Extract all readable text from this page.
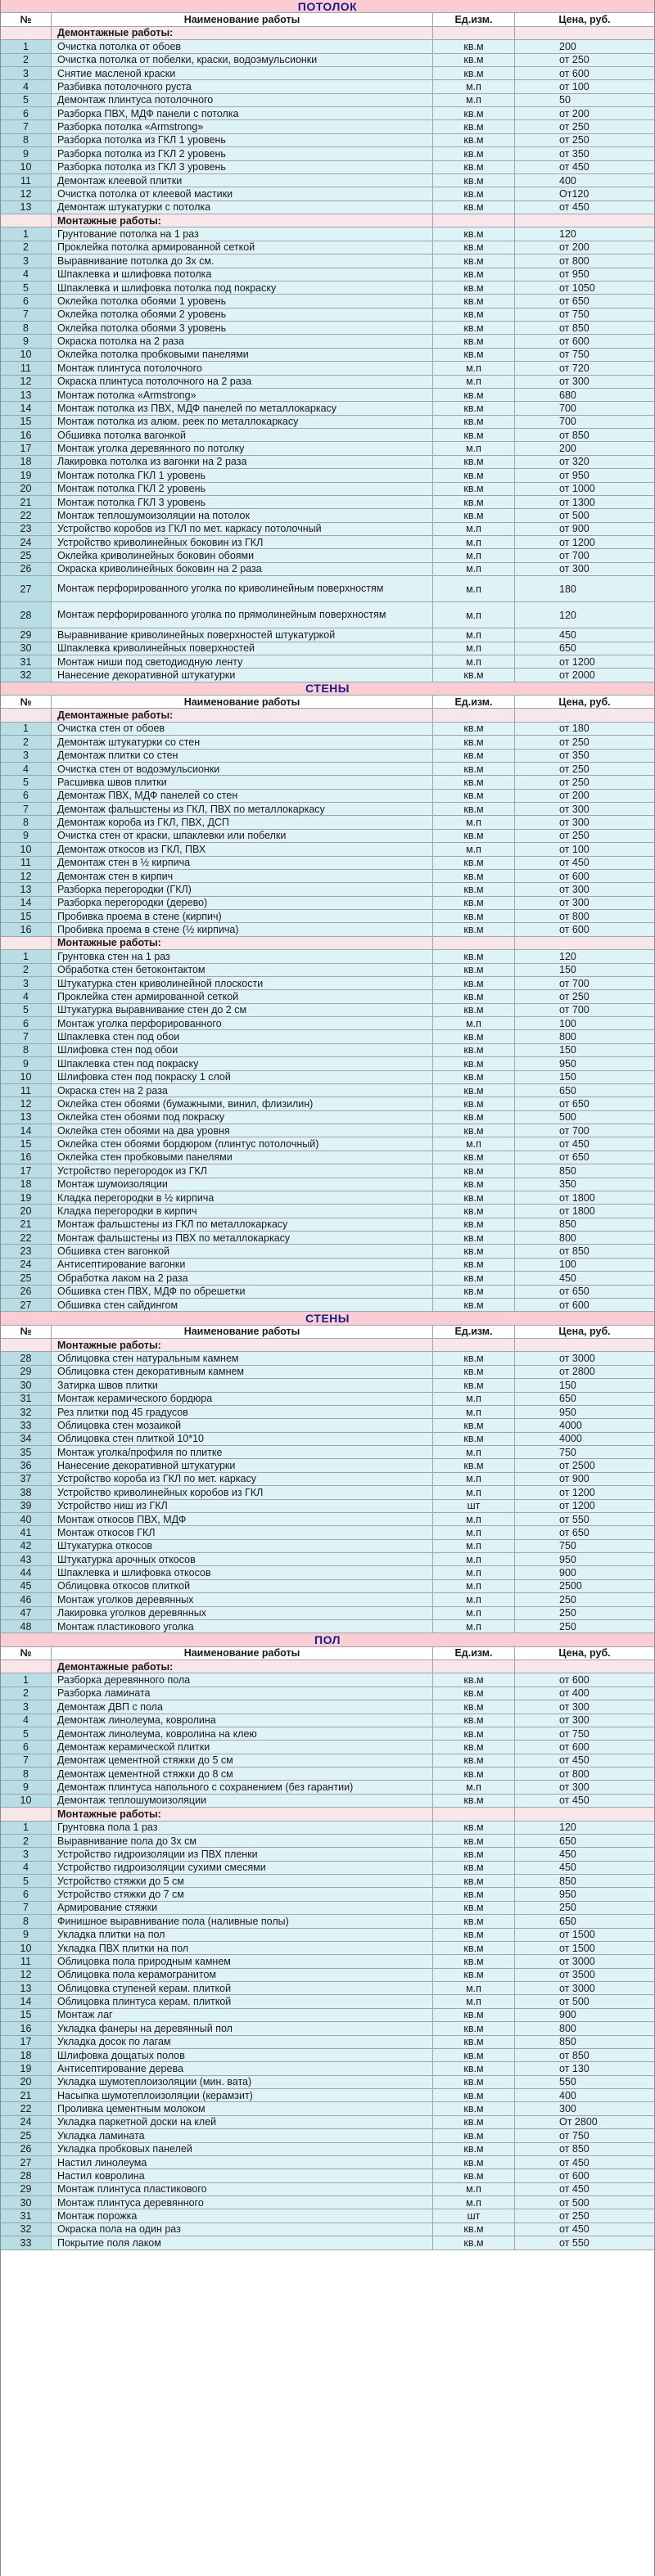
ПОТОЛОК
№	Наименование работы	Ед.изм.	Цена, руб.
Демонтажные работы:
1	Очистка потолка от обоев	кв.м	200
2	Очистка потолка от побелки, краски, водоэмульсионки	кв.м	от 250
3	Снятие масленой краски	кв.м	от 600
4	Разбивка потолочного руста	м.п	от 100
5	Демонтаж плинтуса потолочного	м.п	50
6	Разборка ПВХ, МДФ панели с потолка	кв.м	от 200
7	Разборка потолка «Armstrong»	кв.м	от 250
8	Разборка потолка из ГКЛ 1 уровень	кв.м	от 250
9	Разборка потолка из ГКЛ 2 уровень	кв.м	от 350
10	Разборка потолка из ГКЛ 3 уровень	кв.м	от 450
11	Демонтаж клеевой плитки	кв.м	400
12	Очистка потолка от клеевой мастики	кв.м	От120
13	Демонтаж штукатурки с потолка	кв.м	от 450
Монтажные работы:
1	Грунтование потолка на 1 раз	кв.м	120
2	Проклейка потолка армированной сеткой	кв.м	от 200
3	Выравнивание потолка до 3х см.	кв.м	от 800
4	Шпаклевка и шлифовка потолка	кв.м	от 950
5	Шпаклевка и шлифовка потолка под покраску	кв.м	от 1050
6	Оклейка потолка обоями 1 уровень	кв.м	от 650
7	Оклейка потолка обоями 2 уровень	кв.м	от 750
8	Оклейка потолка обоями 3 уровень	кв.м	от 850
9	Окраска потолка на 2 раза	кв.м	от 600
10	Оклейка потолка пробковыми панелями	кв.м	от 750
11	Монтаж плинтуса потолочного	м.п	от 720
12	Окраска плинтуса потолочного на 2 раза	м.п	от 300
13	Монтаж потолка «Armstrong»	кв.м	680
14	Монтаж потолка из ПВХ, МДФ панелей по металлокаркасу	кв.м	700
15	Монтаж потолка из алюм. реек по металлокаркасу	кв.м	700
16	Обшивка потолка вагонкой	кв.м	от 850
17	Монтаж уголка деревянного по потолку	м.п	200
18	Лакировка потолка из вагонки на 2 раза	кв.м	от 320
19	Монтаж потолка ГКЛ 1 уровень	кв.м	от 950
20	Монтаж потолка ГКЛ 2 уровень	кв.м	от 1000
21	Монтаж потолка ГКЛ 3 уровень	кв.м	от 1300
22	Монтаж теплошумоизоляции на потолок	кв.м	от 500
23	Устройство коробов из ГКЛ по мет. каркасу потолочный	м.п	от 900
24	Устройство криволинейных боковин из ГКЛ	м.п	от 1200
25	Оклейка криволинейных боковин обоями	м.п	от 700
26	Окраска криволинейных боковин на 2 раза	м.п	от 300
27	Монтаж перфорированного уголка по криволинейным поверхностям	м.п	180
28	Монтаж перфорированного уголка по прямолинейным поверхностям	м.п	120
29	Выравнивание криволинейных поверхностей штукатуркой	м.п	450
30	Шпаклевка криволинейных поверхностей	м.п	650
31	Монтаж ниши под светодиодную ленту	м.п	от 1200
32	Нанесение декоративной штукатурки	кв.м	от 2000
СТЕНЫ
№	Наименование работы	Ед.изм.	Цена, руб.
Демонтажные работы:
1	Очистка стен от обоев	кв.м	от 180
2	Демонтаж штукатурки со стен	кв.м	от 250
3	Демонтаж плитки со стен	кв.м	от 350
4	Очистка стен от водоэмульсионки	кв.м	от 250
5	Расшивка швов плитки	кв.м	от 250
6	Демонтаж ПВХ, МДФ панелей со стен	кв.м	от 200
7	Демонтаж фальшстены из ГКЛ, ПВХ по металлокаркасу	кв.м	от 300
8	Демонтаж короба из ГКЛ, ПВХ, ДСП	м.п	от 300
9	Очистка стен от краски, шпаклевки или побелки	кв.м	от 250
10	Демонтаж откосов из ГКЛ, ПВХ	м.п	от 100
11	Демонтаж стен в ½ кирпича	кв.м	от 450
12	Демонтаж стен в кирпич	кв.м	от 600
13	Разборка перегородки (ГКЛ)	кв.м	от 300
14	Разборка перегородки (дерево)	кв.м	от 300
15	Пробивка проема в стене (кирпич)	кв.м	от 800
16	Пробивка проема в стене (½ кирпича)	кв.м	от 600
Монтажные работы:
1	Грунтовка стен на 1 раз	кв.м	120
2	Обработка стен бетоконтактом	кв.м	150
3	Штукатурка стен криволинейной плоскости	кв.м	от 700
4	Проклейка стен армированной сеткой	кв.м	от 250
5	Штукатурка выравнивание стен до 2 см	кв.м	от 700
6	Монтаж уголка перфорированного	м.п	100
7	Шпаклевка стен под обои	кв.м	800
8	Шлифовка стен под обои	кв.м	150
9	Шпаклевка стен под покраску	кв.м	950
10	Шлифовка стен под покраску 1 слой	кв.м	150
11	Окраска стен на 2 раза	кв.м	650
12	Оклейка стен обоями (бумажными, винил, флизилин)	кв.м	от 650
13	Оклейка стен обоями под покраску	кв.м	500
14	Оклейка стен обоями на два уровня	кв.м	от 700
15	Оклейка стен обоями бордюром (плинтус потолочный)	м.п	от 450
16	Оклейка стен пробковыми панелями	кв.м	от 650
17	Устройство перегородок из ГКЛ	кв.м	850
18	Монтаж шумоизоляции	кв.м	350
19	Кладка перегородки в ½ кирпича	кв.м	от 1800
20	Кладка перегородки в кирпич	кв.м	от 1800
21	Монтаж фальшстены из ГКЛ по металлокаркасу	кв.м	850
22	Монтаж фальшстены из ПВХ по металлокаркасу	кв.м	800
23	Обшивка стен вагонкой	кв.м	от 850
24	Антисептирование вагонки	кв.м	100
25	Обработка лаком на 2 раза	кв.м	450
26	Обшивка стен ПВХ, МДФ по обрешетки	кв.м	от 650
27	Обшивка стен сайдингом	кв.м	от 600
СТЕНЫ
№	Наименование работы	Ед.изм.	Цена, руб.
Монтажные работы:
28	Облицовка стен натуральным камнем	кв.м	от 3000
29	Облицовка стен декоративным камнем	кв.м	от 2800
30	Затирка швов плитки	кв.м	150
31	Монтаж керамического бордюра	м.п	650
32	Рез плитки под 45 градусов	м.п	950
33	Облицовка стен мозаикой	кв.м	4000
34	Облицовка стен плиткой 10*10	кв.м	4000
35	Монтаж уголка/профиля по плитке	м.п	750
36	Нанесение декоративной штукатурки	кв.м	от 2500
37	Устройство короба из ГКЛ по мет. каркасу	м.п	от 900
38	Устройство криволинейных коробов из ГКЛ	м.п	от 1200
39	Устройство ниш из ГКЛ	шт	от 1200
40	Монтаж откосов ПВХ, МДФ	м.п	от 550
41	Монтаж откосов ГКЛ	м.п	от 650
42	Штукатурка откосов	м.п	750
43	Штукатурка арочных откосов	м.п	950
44	Шпаклевка и шлифовка откосов	м.п	900
45	Облицовка откосов плиткой	м.п	2500
46	Монтаж уголков деревянных	м.п	250
47	Лакировка уголков деревянных	м.п	250
48	Монтаж пластикового уголка	м.п	250
ПОЛ
№	Наименование работы	Ед.изм.	Цена, руб.
Демонтажные работы:
1	Разборка деревянного пола	кв.м	от 600
2	Разборка ламината	кв.м	от 400
3	Демонтаж ДВП с пола	кв.м	от 300
4	Демонтаж линолеума, ковролина	кв.м	от 300
5	Демонтаж линолеума, ковролина на клею	кв.м	от 750
6	Демонтаж керамической плитки	кв.м	от 600
7	Демонтаж цементной стяжки до 5 см	кв.м	от 450
8	Демонтаж цементной стяжки до 8 см	кв.м	от 800
9	Демонтаж плинтуса напольного с сохранением (без гарантии)	м.п	от 300
10	Демонтаж теплошумоизоляции	кв.м	от 450
Монтажные работы:
1	Грунтовка пола 1 раз	кв.м	120
2	Выравнивание пола до 3х см	кв.м	650
3	Устройство гидроизоляции из ПВХ пленки	кв.м	450
4	Устройство гидроизоляции сухими смесями	кв.м	450
5	Устройство стяжки до 5 см	кв.м	850
6	Устройство стяжки до 7 см	кв.м	950
7	Армирование стяжки	кв.м	250
8	Финишное выравнивание пола (наливные полы)	кв.м	650
9	Укладка плитки на пол	кв.м	от 1500
10	Укладка ПВХ плитки на пол	кв.м	от 1500
11	Облицовка пола природным камнем	кв.м	от 3000
12	Облицовка пола керамогранитом	кв.м	от 3500
13	Облицовка ступеней керам. плиткой	м.п	от 3000
14	Облицовка плинтуса керам. плиткой	м.п	от 500
15	Монтаж лаг	кв.м	900
16	Укладка фанеры на деревянный пол	кв.м	800
17	Укладка досок по лагам	кв.м	850
18	Шлифовка дощатых полов	кв.м	от 850
19	Антисептирование дерева	кв.м	от 130
20	Укладка шумотеплоизоляции (мин. вата)	кв.м	550
21	Насыпка шумотеплоизоляции (керамзит)	кв.м	400
22	Проливка цементным молоком	кв.м	300
24	Укладка паркетной доски на клей	кв.м	От 2800
25	Укладка ламината	кв.м	от 750
26	Укладка пробковых панелей	кв.м	от 850
27	Настил линолеума	кв.м	от 450
28	Настил ковролина	кв.м	от 600
29	Монтаж плинтуса пластикового	м.п	от 450
30	Монтаж плинтуса деревянного	м.п	от 500
31	Монтаж порожка	шт	от 250
32	Окраска пола на один раз	кв.м	от 450
33	Покрытие поля лаком	кв.м	от 550
